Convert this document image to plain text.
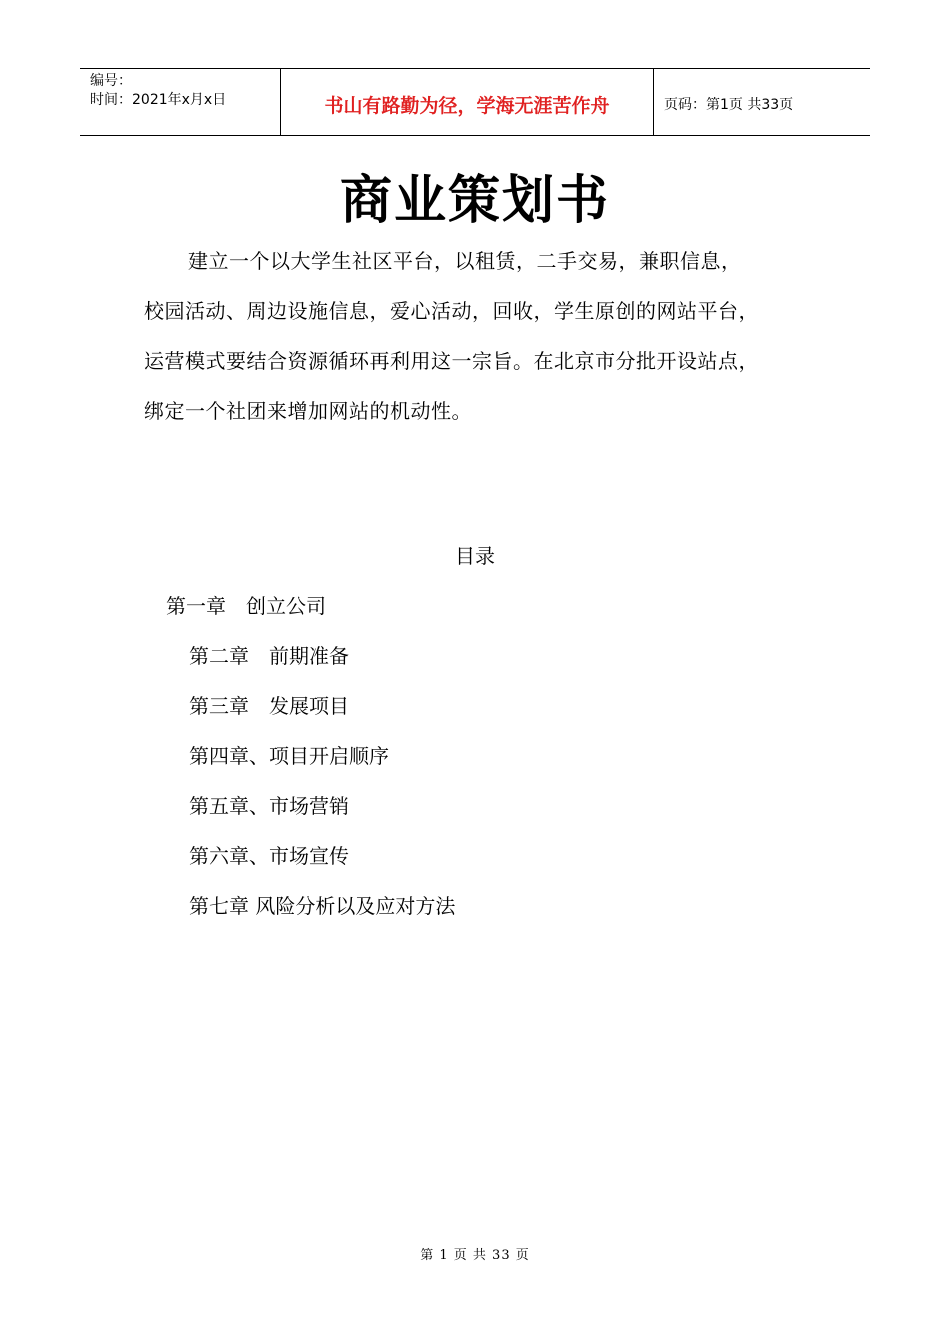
编号：
时间：2021年x月x日	书山有路勤为径，学海无涯苦作舟	页码：第1页 共33页
商业策划书
建立一个以大学生社区平台，以租赁，二手交易，兼职信息，
校园活动、周边设施信息，爱心活动，回收，学生原创的网站平台，
运营模式要结合资源循环再利用这一宗旨。在北京市分批开设站点，
绑定一个社团来增加网站的机动性。
目录
第一章　创立公司
第二章　前期准备
第三章　发展项目
第四章、项目开启顺序
第五章、市场营销
第六章、市场宣传
第七章 风险分析以及应对方法
第 1 页 共 33 页
